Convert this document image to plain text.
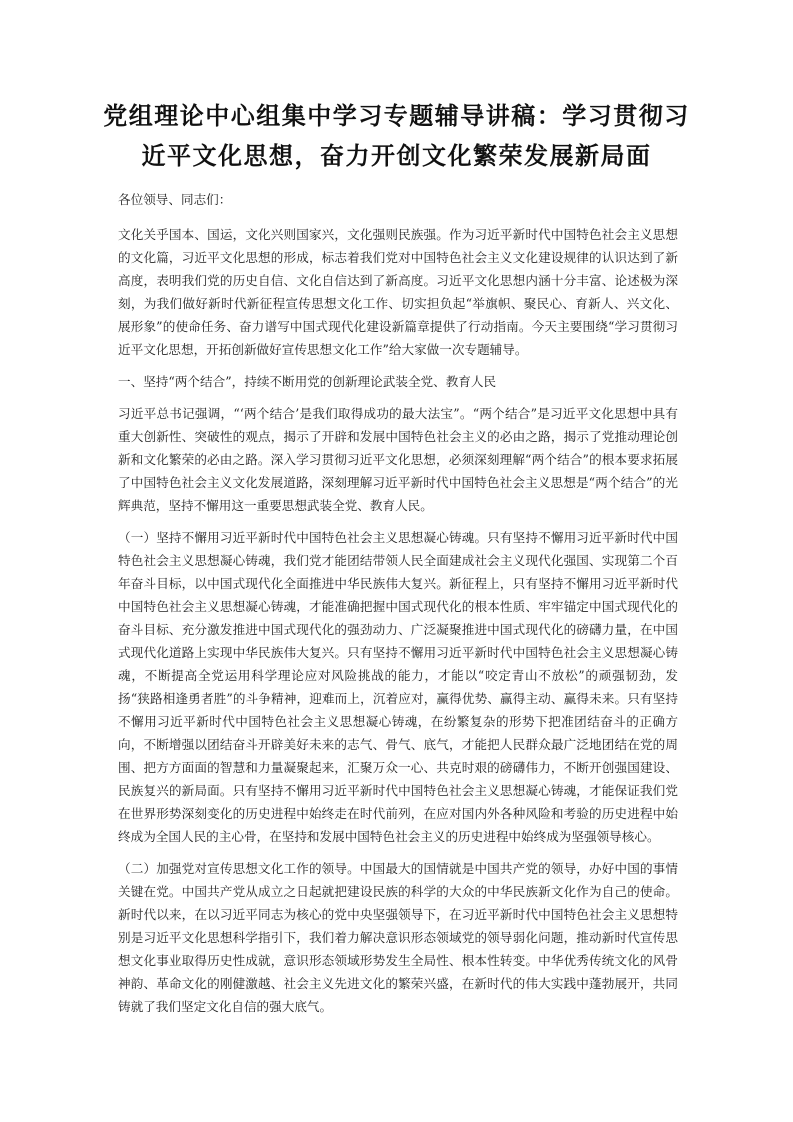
党组理论中心组集中学习专题辅导讲稿：学习贯彻习
近平文化思想，奋力开创文化繁荣发展新局面

各位领导、同志们：

文化关乎国本、国运，文化兴则国家兴，文化强则民族强。作为习近平新时代中国特色社会主义思想的文化篇，习近平文化思想的形成，标志着我们党对中国特色社会主义文化建设规律的认识达到了新高度，表明我们党的历史自信、文化自信达到了新高度。习近平文化思想内涵十分丰富、论述极为深刻，为我们做好新时代新征程宣传思想文化工作、切实担负起“举旗帜、聚民心、育新人、兴文化、展形象”的使命任务、奋力谱写中国式现代化建设新篇章提供了行动指南。今天主要围绕“学习贯彻习近平文化思想，开拓创新做好宣传思想文化工作”给大家做一次专题辅导。

一、坚持“两个结合”，持续不断用党的创新理论武装全党、教育人民

习近平总书记强调，“‘两个结合’是我们取得成功的最大法宝”。“两个结合”是习近平文化思想中具有重大创新性、突破性的观点，揭示了开辟和发展中国特色社会主义的必由之路，揭示了党推动理论创新和文化繁荣的必由之路。深入学习贯彻习近平文化思想，必须深刻理解“两个结合”的根本要求拓展了中国特色社会主义文化发展道路，深刻理解习近平新时代中国特色社会主义思想是“两个结合”的光辉典范，坚持不懈用这一重要思想武装全党、教育人民。

（一）坚持不懈用习近平新时代中国特色社会主义思想凝心铸魂。只有坚持不懈用习近平新时代中国特色社会主义思想凝心铸魂，我们党才能团结带领人民全面建成社会主义现代化强国、实现第二个百年奋斗目标，以中国式现代化全面推进中华民族伟大复兴。新征程上，只有坚持不懈用习近平新时代中国特色社会主义思想凝心铸魂，才能准确把握中国式现代化的根本性质、牢牢锚定中国式现代化的奋斗目标、充分激发推进中国式现代化的强劲动力、广泛凝聚推进中国式现代化的磅礴力量，在中国式现代化道路上实现中华民族伟大复兴。只有坚持不懈用习近平新时代中国特色社会主义思想凝心铸魂，不断提高全党运用科学理论应对风险挑战的能力，才能以“咬定青山不放松”的顽强韧劲，发扬“狭路相逢勇者胜”的斗争精神，迎难而上，沉着应对，赢得优势、赢得主动、赢得未来。只有坚持不懈用习近平新时代中国特色社会主义思想凝心铸魂，在纷繁复杂的形势下把准团结奋斗的正确方向，不断增强以团结奋斗开辟美好未来的志气、骨气、底气，才能把人民群众最广泛地团结在党的周围、把方方面面的智慧和力量凝聚起来，汇聚万众一心、共克时艰的磅礴伟力，不断开创强国建设、民族复兴的新局面。只有坚持不懈用习近平新时代中国特色社会主义思想凝心铸魂，才能保证我们党在世界形势深刻变化的历史进程中始终走在时代前列，在应对国内外各种风险和考验的历史进程中始终成为全国人民的主心骨，在坚持和发展中国特色社会主义的历史进程中始终成为坚强领导核心。

（二）加强党对宣传思想文化工作的领导。中国最大的国情就是中国共产党的领导，办好中国的事情关键在党。中国共产党从成立之日起就把建设民族的科学的大众的中华民族新文化作为自己的使命。新时代以来，在以习近平同志为核心的党中央坚强领导下，在习近平新时代中国特色社会主义思想特别是习近平文化思想科学指引下，我们着力解决意识形态领域党的领导弱化问题，推动新时代宣传思想文化事业取得历史性成就，意识形态领域形势发生全局性、根本性转变。中华优秀传统文化的风骨神韵、革命文化的刚健激越、社会主义先进文化的繁荣兴盛，在新时代的伟大实践中蓬勃展开，共同铸就了我们坚定文化自信的强大底气。
